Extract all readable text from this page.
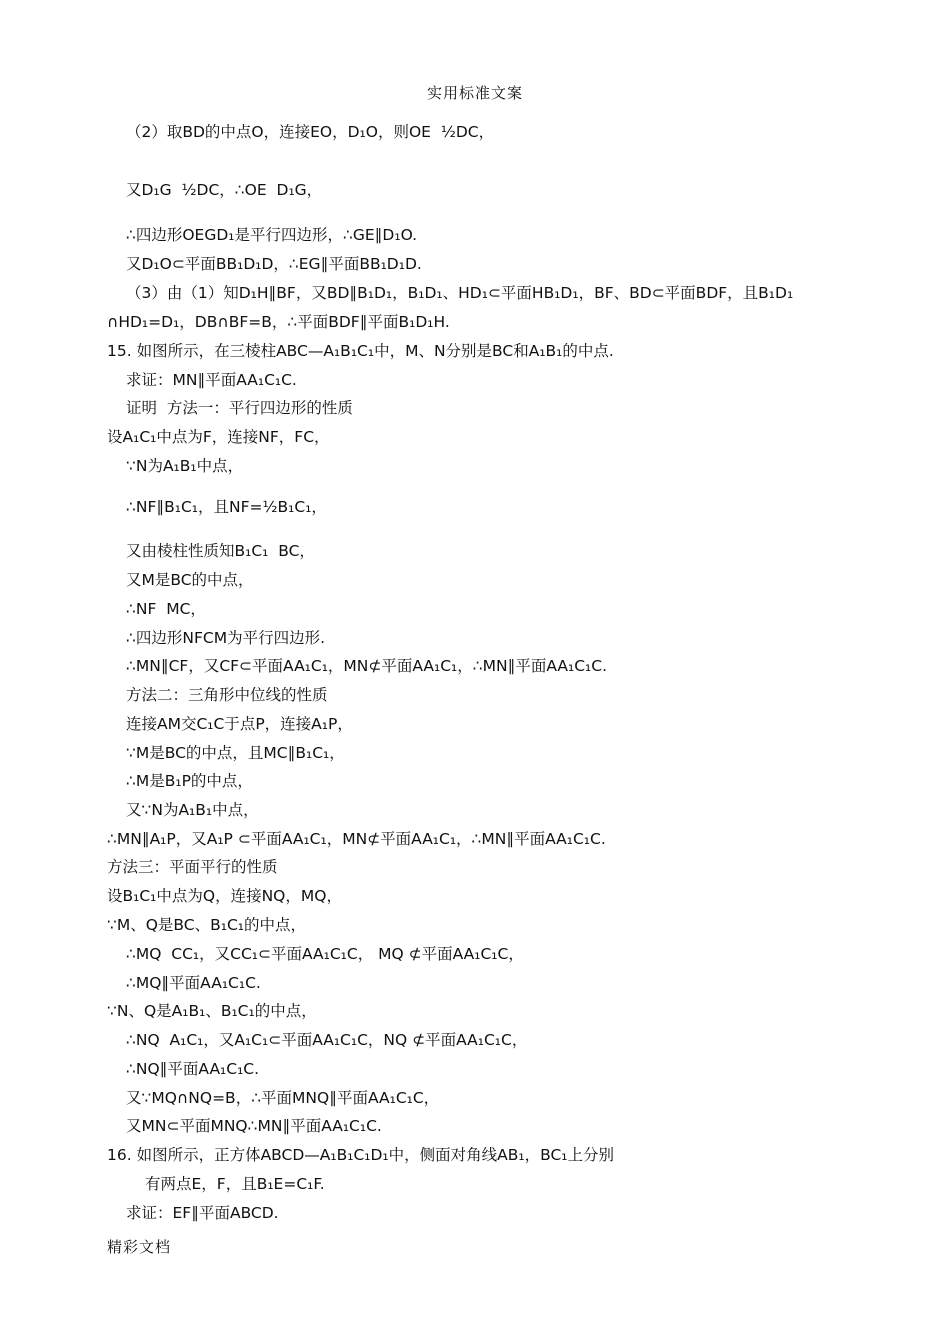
实用标准文案
（2）取BD的中点O，连接EO，D₁O，则OE  ½DC，
又D₁G  ½DC，∴OE  D₁G，
∴四边形OEGD₁是平行四边形，∴GE∥D₁O.
又D₁O⊂平面BB₁D₁D，∴EG∥平面BB₁D₁D.
（3）由（1）知D₁H∥BF，又BD∥B₁D₁，B₁D₁、HD₁⊂平面HB₁D₁，BF、BD⊂平面BDF，且B₁D₁
∩HD₁=D₁，DB∩BF=B，∴平面BDF∥平面B₁D₁H.
15. 如图所示，在三棱柱ABC—A₁B₁C₁中，M、N分别是BC和A₁B₁的中点.
求证：MN∥平面AA₁C₁C.
证明  方法一：平行四边形的性质
设A₁C₁中点为F，连接NF，FC，
∵N为A₁B₁中点，
∴NF∥B₁C₁，且NF=½B₁C₁，
又由棱柱性质知B₁C₁  BC，
又M是BC的中点，
∴NF  MC，
∴四边形NFCM为平行四边形.
∴MN∥CF，又CF⊂平面AA₁C₁，MN⊄平面AA₁C₁，∴MN∥平面AA₁C₁C.
方法二：三角形中位线的性质
连接AM交C₁C于点P，连接A₁P，
∵M是BC的中点，且MC∥B₁C₁，
∴M是B₁P的中点，
又∵N为A₁B₁中点，
∴MN∥A₁P，又A₁P ⊂平面AA₁C₁，MN⊄平面AA₁C₁，∴MN∥平面AA₁C₁C.
方法三：平面平行的性质
设B₁C₁中点为Q，连接NQ，MQ，
∵M、Q是BC、B₁C₁的中点，
∴MQ  CC₁，又CC₁⊂平面AA₁C₁C， MQ ⊄平面AA₁C₁C，
∴MQ∥平面AA₁C₁C.
∵N、Q是A₁B₁、B₁C₁的中点，
∴NQ  A₁C₁，又A₁C₁⊂平面AA₁C₁C，NQ ⊄平面AA₁C₁C，
∴NQ∥平面AA₁C₁C.
又∵MQ∩NQ=B，∴平面MNQ∥平面AA₁C₁C，
又MN⊂平面MNQ∴MN∥平面AA₁C₁C.
16. 如图所示，正方体ABCD—A₁B₁C₁D₁中，侧面对角线AB₁，BC₁上分别
有两点E，F，且B₁E=C₁F.
求证：EF∥平面ABCD.
精彩文档
